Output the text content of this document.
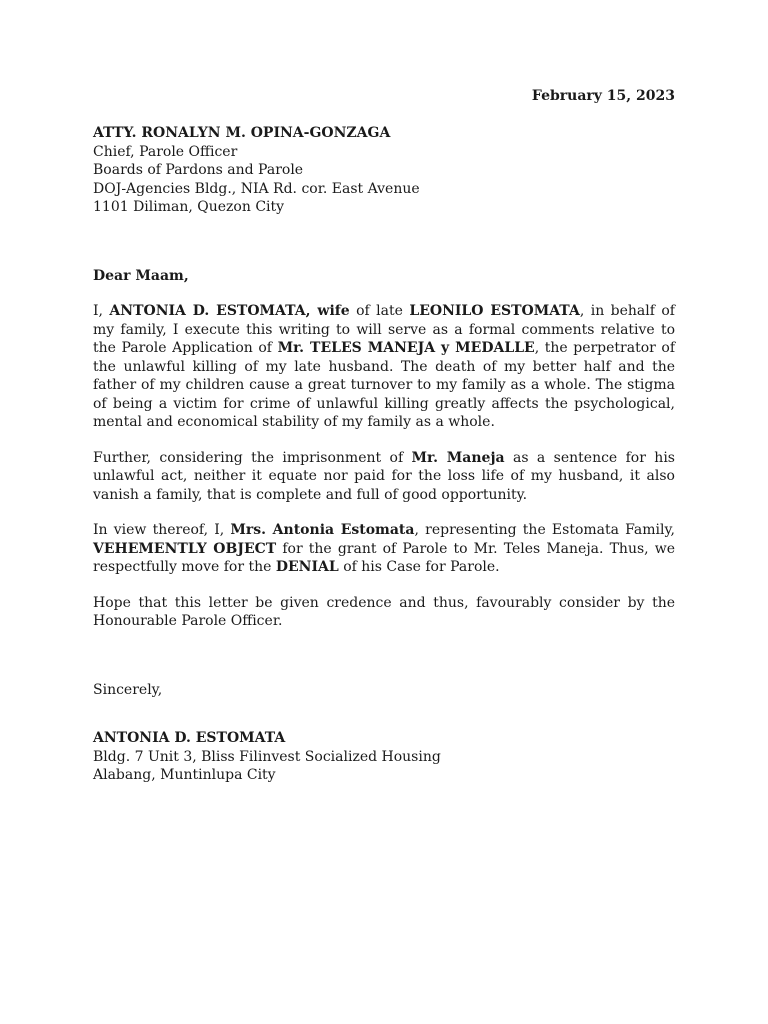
February 15, 2023
ATTY. RONALYN M. OPINA-GONZAGA
Chief, Parole Officer
Boards of Pardons and Parole
DOJ-Agencies Bldg., NIA Rd. cor. East Avenue
1101 Diliman, Quezon City
Dear Maam,

I, ANTONIA D. ESTOMATA, wife of late LEONILO ESTOMATA, in behalf of my family, I execute this writing to will serve as a formal comments relative to the Parole Application of Mr. TELES MANEJA y MEDALLE, the perpetrator of the unlawful killing of my late husband. The death of my better half and the father of my children cause a great turnover to my family as a whole. The stigma of being a victim for crime of unlawful killing greatly affects the psychological, mental and economical stability of my family as a whole.

Further, considering the imprisonment of Mr. Maneja as a sentence for his unlawful act, neither it equate nor paid for the loss life of my husband, it also vanish a family, that is complete and full of good opportunity.

In view thereof, I, Mrs. Antonia Estomata, representing the Estomata Family, VEHEMENTLY OBJECT for the grant of Parole to Mr. Teles Maneja. Thus, we respectfully move for the DENIAL of his Case for Parole.

Hope that this letter be given credence and thus, favourably consider by the Honourable Parole Officer.

Sincerely,
ANTONIA D. ESTOMATA
Bldg. 7 Unit 3, Bliss Filinvest Socialized Housing
Alabang, Muntinlupa City
